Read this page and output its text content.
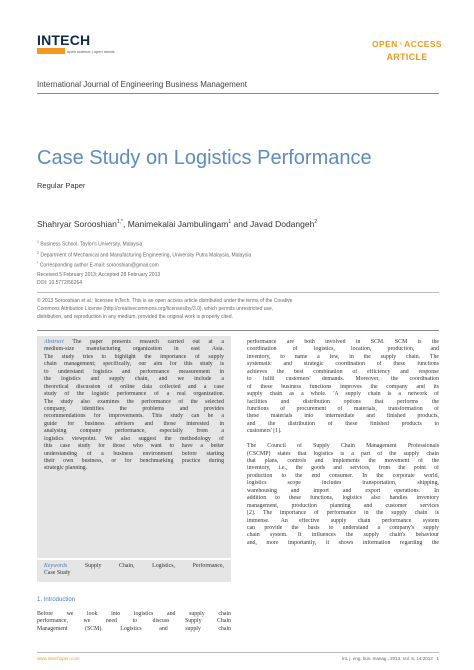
INTECH
open science | open minds
OPEN ACCESS
ARTICLE
International Journal of Engineering Business Management
Case Study on Logistics Performance
Regular Paper
Shahryar Sorooshian$^{1,*}$, Manimekalai Jambulingam$^1$ and Javad Dodangeh$^2$
$^1$ Business School, Taylor's University, Malaysia
$^2$ Department of Mechanical and Manufacturing Engineering, University Putra Malaysia, Malaysia
* Corresponding author E-mail: sorooshian@gmail.com
Received 5 February 2013; Accepted 28 February 2013
DOI: 10.5772/56264
© 2013 Sorooshian et al.; licensee InTech. This is an open access article distributed under the terms of the Creative
Commons Attribution License (http://creativecommons.org/licenses/by/3.0), which permits unrestricted use,
distribution, and reproduction in any medium, provided the original work is properly cited.
Abstract The paper presents research carried out at a
medium-size manufacturing organization in east Asia.
The study tries to highlight the importance of supply
chain management; specifically, our aim for this study is
to understand logistics and performance measurement in
the logistics and supply chain, and we include a
theoretical discussion of online data collected and a case
study of the logistic performance of a real organization.
The study also examines the performance of the selected
company, identifies the problems and provides
recommendations for improvements. This study can be a
guide for business advisers and those interested in
analysing company performance, especially from a
logistics viewpoint. We also suggest the methodology of
this case study for those who want to have a better
understanding of a business environment before starting
their own business, or for benchmarking practice during
strategic planning.
Keywords	Supply Chain, Logistics, Performance,
Case Study
1. Introduction
Before we look into logistics and supply chain
performance, we need to discuss Supply Chain
Management (SCM). Logistics and supply chain
performance are both involved in SCM. SCM is the
coordination of logistics, location, production, and
inventory, to name a few, in the supply chain. The
systematic and strategic coordination of these functions
achieves the best combination of efficiency and response
to fulfil customers' demands. Moreover, the coordination
of these business functions improves the company and its
supply chain as a whole. 'A supply chain is a network of
facilities and distribution options that performs the
functions of procurement of materials, transformation of
these materials into intermediate and finished products,
and the distribution of these finished products to
customers' [1].
The Council of Supply Chain Management Professionals
(CSCMP) states that logistics is a part of the supply chain
that plans, controls and implements the movement of the
inventory, i.e., the goods and services, from the point of
production to the end consumer. In the corporate world,
logistics scope includes transportation, shipping,
warehousing and import and export operations. In
addition to these functions, logistics also handles inventory
management, production planning and customer services
[2]. The importance of performance in the supply chain is
immense. An effective supply chain performance system
can provide the basis to understand a company's supply
chain system. It influences the supply chain's behaviour
and, more importantly, it shows information regarding the
www.intechopen.com	Int. j. eng. bus. manag., 2013, Vol. 5, 14:2013 1
